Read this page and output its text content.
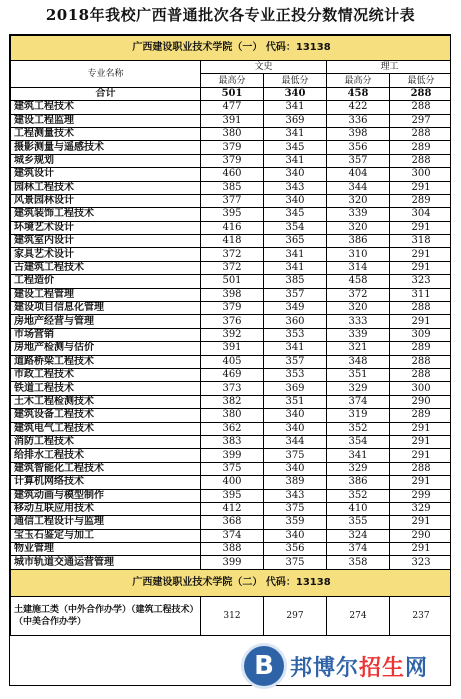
2018年我校广西普通批次各专业正投分数情况统计表
广西建设职业技术学院（一） 代码：13138				
专业名称	文史		理工	
	最高分	最低分	最高分	最低分
合计	501	340	458	288
建筑工程技术	477	341	422	288
建设工程监理	391	369	336	297
工程测量技术	380	341	398	288
摄影测量与遥感技术	379	345	356	289
城乡规划	379	341	357	288
建筑设计	460	340	404	300
园林工程技术	385	343	344	291
风景园林设计	377	340	320	289
建筑装饰工程技术	395	345	339	304
环境艺术设计	416	354	320	291
建筑室内设计	418	365	386	318
家具艺术设计	372	341	310	291
古建筑工程技术	372	341	314	291
工程造价	501	385	458	323
建设工程管理	398	357	372	311
建设项目信息化管理	379	349	320	288
房地产经营与管理	376	360	333	291
市场营销	392	353	339	309
房地产检测与估价	391	341	321	289
道路桥梁工程技术	405	357	348	288
市政工程技术	469	353	351	288
铁道工程技术	373	369	329	300
土木工程检测技术	382	351	374	290
建筑设备工程技术	380	340	319	289
建筑电气工程技术	362	340	352	291
消防工程技术	383	344	354	291
给排水工程技术	399	375	341	291
建筑智能化工程技术	375	340	329	288
计算机网络技术	400	389	386	291
建筑动画与模型制作	395	343	352	299
移动互联应用技术	412	375	410	329
通信工程设计与监理	368	359	355	291
宝玉石鉴定与加工	374	340	324	290
物业管理	388	356	374	291
城市轨道交通运营管理	399	375	358	323
广西建设职业技术学院（二） 代码：13138				
土建施工类（中外合作办学）（建筑工程技术）（中美合作办学）	312	297	274	237
B 邦博尔招生网
